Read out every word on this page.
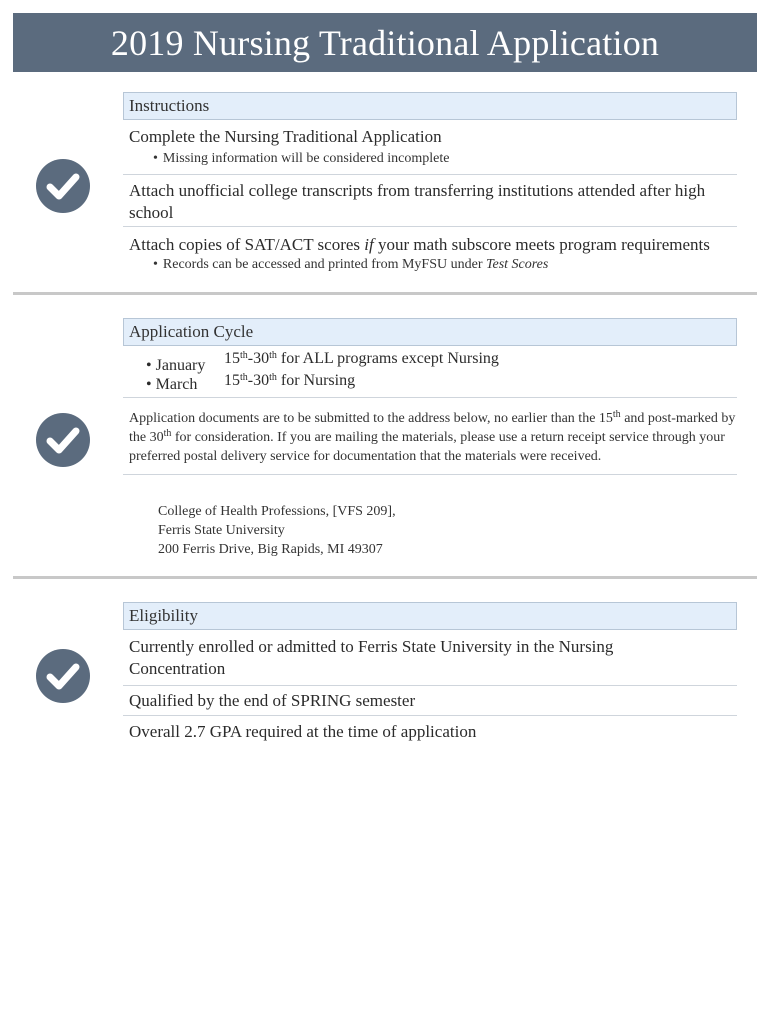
2019 Nursing Traditional Application
Instructions
Complete the Nursing Traditional Application
• Missing information will be considered incomplete
Attach unofficial college transcripts from transferring institutions attended after high school
Attach copies of SAT/ACT scores if your math subscore meets program requirements
• Records can be accessed and printed from MyFSU under Test Scores
Application Cycle
• January	15th-30th for ALL programs except Nursing
• March	15th-30th for Nursing
Application documents are to be submitted to the address below, no earlier than the 15th and post-marked by the 30th for consideration. If you are mailing the materials, please use a return receipt service through your preferred postal delivery service for documentation that the materials were received.
College of Health Professions, [VFS 209],
Ferris State University
200 Ferris Drive, Big Rapids, MI 49307
Eligibility
Currently enrolled or admitted to Ferris State University in the Nursing Concentration
Qualified by the end of SPRING semester
Overall 2.7 GPA required at the time of application
